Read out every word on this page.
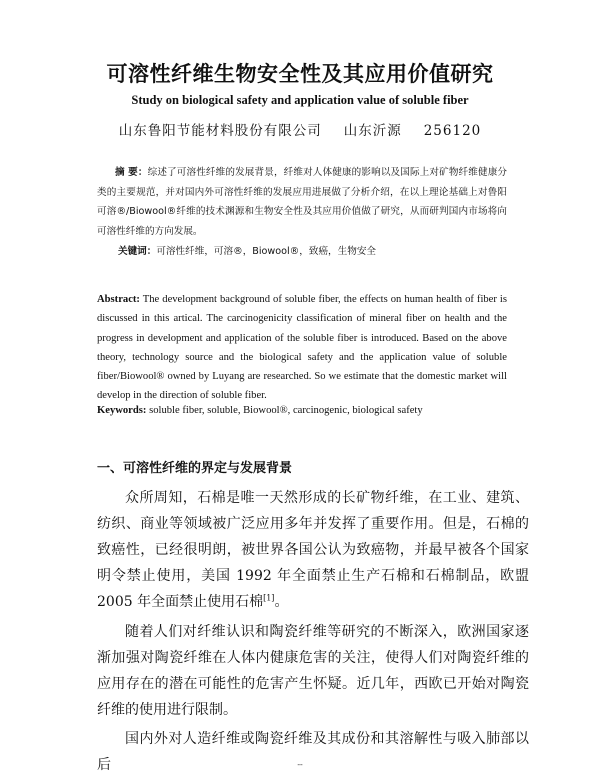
可溶性纤维生物安全性及其应用价值研究
Study on biological safety and application value of soluble fiber
山东鲁阳节能材料股份有限公司 山东沂源 256120
摘 要：综述了可溶性纤维的发展背景，纤维对人体健康的影响以及国际上对矿物纤维健康分类的主要规范，并对国内外可溶性纤维的发展应用进展做了分析介绍，在以上理论基础上对鲁阳可溶®/Biowool®纤维的技术渊源和生物安全性及其应用价值做了研究，从而研判国内市场将向可溶性纤维的方向发展。
关键词：可溶性纤维，可溶®，Biowool®，致癌，生物安全
Abstract: The development background of soluble fiber, the effects on human health of fiber is discussed in this artical. The carcinogenicity classification of mineral fiber on health and the progress in development and application of the soluble fiber is introduced. Based on the above theory, technology source and the biological safety and the application value of soluble fiber/Biowool® owned by Luyang are researched. So we estimate that the domestic market will develop in the direction of soluble fiber.
Keywords: soluble fiber, soluble, Biowool®, carcinogenic, biological safety
一、可溶性纤维的界定与发展背景

众所周知，石棉是唯一天然形成的长矿物纤维，在工业、建筑、纺织、商业等领域被广泛应用多年并发挥了重要作用。但是，石棉的致癌性，已经很明朗，被世界各国公认为致癌物，并最早被各个国家明令禁止使用，美国 1992 年全面禁止生产石棉和石棉制品，欧盟 2005 年全面禁止使用石棉[1]。

随着人们对纤维认识和陶瓷纤维等研究的不断深入，欧洲国家逐渐加强对陶瓷纤维在人体内健康危害的关注，使得人们对陶瓷纤维的应用存在的潜在可能性的危害产生怀疑。近几年，西欧已开始对陶瓷纤维的使用进行限制。

国内外对人造纤维或陶瓷纤维及其成份和其溶解性与吸入肺部以后	--
